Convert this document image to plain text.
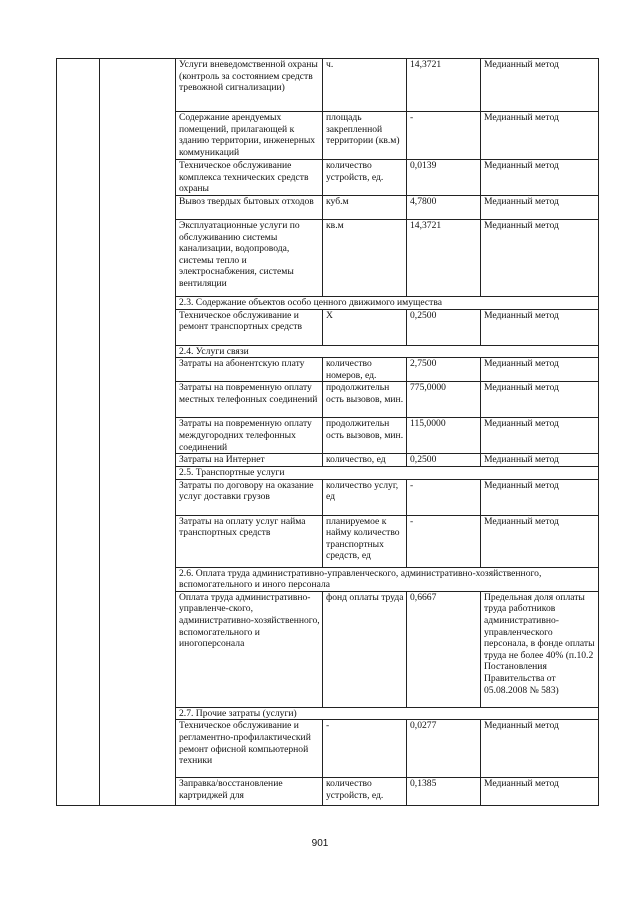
		Услуги вневедомственной охраны (контроль за состоянием средств тревожной сигнализации)	ч.	14,3721	Медианный метод
		Содержание арендуемых помещений, прилагающей к зданию территории, инженерных коммуникаций	площадь закрепленной территории (кв.м)	-	Медианный метод
		Техническое обслуживание комплекса технических средств охраны	количество устройств, ед.	0,0139	Медианный метод
		Вывоз твердых бытовых отходов	куб.м	4,7800	Медианный метод
		Эксплуатационные услуги по обслуживанию системы канализации, водопровода, системы тепло и электроснабжения, системы вентиляции	кв.м	14,3721	Медианный метод
		2.3. Содержание объектов особо ценного движимого имущества			
		Техническое обслуживание и ремонт транспортных средств	X	0,2500	Медианный метод
		2.4. Услуги связи			
		Затраты на абонентскую плату	количество номеров, ед.	2,7500	Медианный метод
		Затраты на повременную оплату местных телефонных соединений	продолжительн ость вызовов, мин.	775,0000	Медианный метод
		Затраты на повременную оплату междугородних телефонных соединений	продолжительн ость вызовов, мин.	115,0000	Медианный метод
		Затраты на Интернет	количество, ед	0,2500	Медианный метод
		2.5. Транспортные услуги			
		Затраты по договору на оказание услуг доставки грузов	количество услуг, ед	-	Медианный метод
		Затраты на оплату услуг найма транспортных средств	планируемое к найму количество транспортных средств, ед	-	Медианный метод
		2.6. Оплата труда административно-управленческого, административно-хозяйственного, вспомогательного и иного персонала			
		Оплата труда административно-управленче-ского, административно-хозяйственного, вспомогательного и иногоперсонала	фонд оплаты труда	0,6667	Предельная доля оплаты труда работников административно-управленческого персонала, в фонде оплаты труда не более 40% (п.10.2 Постановления Правительства от 05.08.2008 № 583)
		2.7. Прочие затраты (услуги)			
		Техническое обслуживание и регламентно-профилактический ремонт офисной компьютерной техники	-	0,0277	Медианный метод
		Заправка/восстановление картриджей для	количество устройств, ед.	0,1385	Медианный метод
901
